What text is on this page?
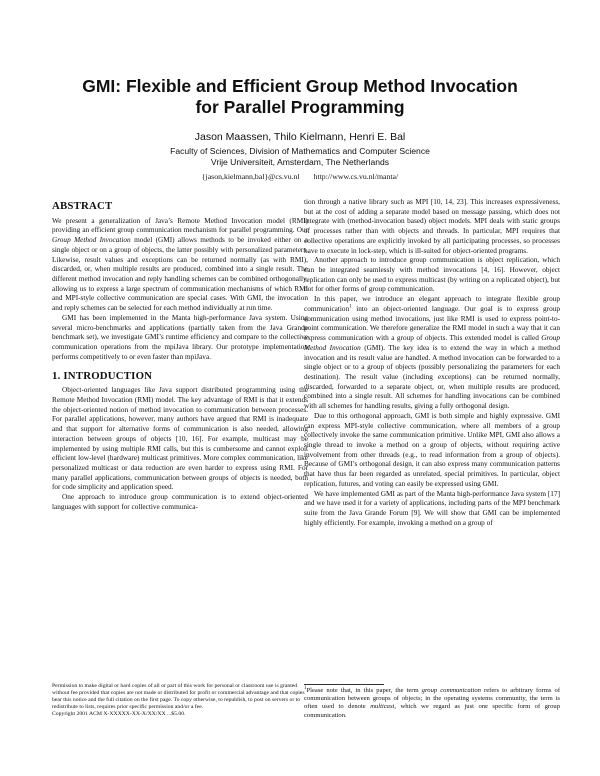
GMI: Flexible and Efficient Group Method Invocation
for Parallel Programming
Jason Maassen, Thilo Kielmann, Henri E. Bal
Faculty of Sciences, Division of Mathematics and Computer Science
Vrije Universiteit, Amsterdam, The Netherlands
{jason,kielmann,bal}@cs.vu.nl http://www.cs.vu.nl/manta/
ABSTRACT

We present a generalization of Java’s Remote Method Invocation model (RMI) providing an efficient group communication mechanism for parallel programming. Our Group Method Invocation model (GMI) allows methods to be invoked either on a single object or on a group of objects, the latter possibly with personalized parameters. Likewise, result values and exceptions can be returned normally (as with RMI), discarded, or, when multiple results are produced, combined into a single result. The different method invocation and reply handling schemes can be combined orthogonally, allowing us to express a large spectrum of communication mechanisms of which RMI and MPI-style collective communication are special cases. With GMI, the invocation and reply schemes can be selected for each method individually at run time.

GMI has been implemented in the Manta high-performance Java system. Using several micro-benchmarks and applications (partially taken from the Java Grande benchmark set), we investigate GMI’s runtime efficiency and compare to the collective communication operations from the mpiJava library. Our prototype implementation performs competitively to or even faster than mpiJava.

1. INTRODUCTION

Object-oriented languages like Java support distributed programming using the Remote Method Invocation (RMI) model. The key advantage of RMI is that it extends the object-oriented notion of method invocation to communication between processes. For parallel applications, however, many authors have argued that RMI is inadequate and that support for alternative forms of communication is also needed, allowing interaction between groups of objects [10, 16]. For example, multicast may be implemented by using multiple RMI calls, but this is cumbersome and cannot exploit efficient low-level (hardware) multicast primitives. More complex communication, like personalized multicast or data reduction are even harder to express using RMI. For many parallel applications, communication between groups of objects is needed, both for code simplicity and application speed.

One approach to introduce group communication is to extend object-oriented languages with support for collective communica-

tion through a native library such as MPI [10, 14, 23]. This increases expressiveness, but at the cost of adding a separate model based on message passing, which does not integrate with (method-invocation based) object models. MPI deals with static groups of processes rather than with objects and threads. In particular, MPI requires that collective operations are explicitly invoked by all participating processes, so processes have to execute in lock-step, which is ill-suited for object-oriented programs.

Another approach to introduce group communication is object replication, which can be integrated seamlessly with method invocations [4, 16]. However, object replication can only be used to express multicast (by writing on a replicated object), but not for other forms of group communication.

In this paper, we introduce an elegant approach to integrate flexible group communication$^1$ into an object-oriented language. Our goal is to express group communication using method invocations, just like RMI is used to express point-to-point communication. We therefore generalize the RMI model in such a way that it can express communication with a group of objects. This extended model is called Group Method Invocation (GMI). The key idea is to extend the way in which a method invocation and its result value are handled. A method invocation can be forwarded to a single object or to a group of objects (possibly personalizing the parameters for each destination). The result value (including exceptions) can be returned normally, discarded, forwarded to a separate object, or, when multiple results are produced, combined into a single result. All schemes for handling invocations can be combined with all schemes for handling results, giving a fully orthogonal design.

Due to this orthogonal approach, GMI is both simple and highly expressive. GMI can express MPI-style collective communication, where all members of a group collectively invoke the same communication primitive. Unlike MPI, GMI also allows a single thread to invoke a method on a group of objects, without requiring active involvement from other threads (e.g., to read information from a group of objects). Because of GMI’s orthogonal design, it can also express many communication patterns that have thus far been regarded as unrelated, special primitives. In particular, object replication, futures, and voting can easily be expressed using GMI.

We have implemented GMI as part of the Manta high-performance Java system [17] and we have used it for a variety of applications, including parts of the MPJ benchmark suite from the Java Grande Forum [9]. We will show that GMI can be implemented highly efficiently. For example, invoking a method on a group of

Permission to make digital or hard copies of all or part of this work for personal or classroom use is granted without fee provided that copies are not made or distributed for profit or commercial advantage and that copies bear this notice and the full citation on the first page. To copy otherwise, to republish, to post on servers or to redistribute to lists, requires prior specific permission and/or a fee.

Copyright 2001 ACM X-XXXXX-XX-X/XX/XX ...$5.00.

$^1$Please note that, in this paper, the term group communication refers to arbitrary forms of communication between groups of objects; in the operating systems community, the term is often used to denote multicast, which we regard as just one specific form of group communication.
